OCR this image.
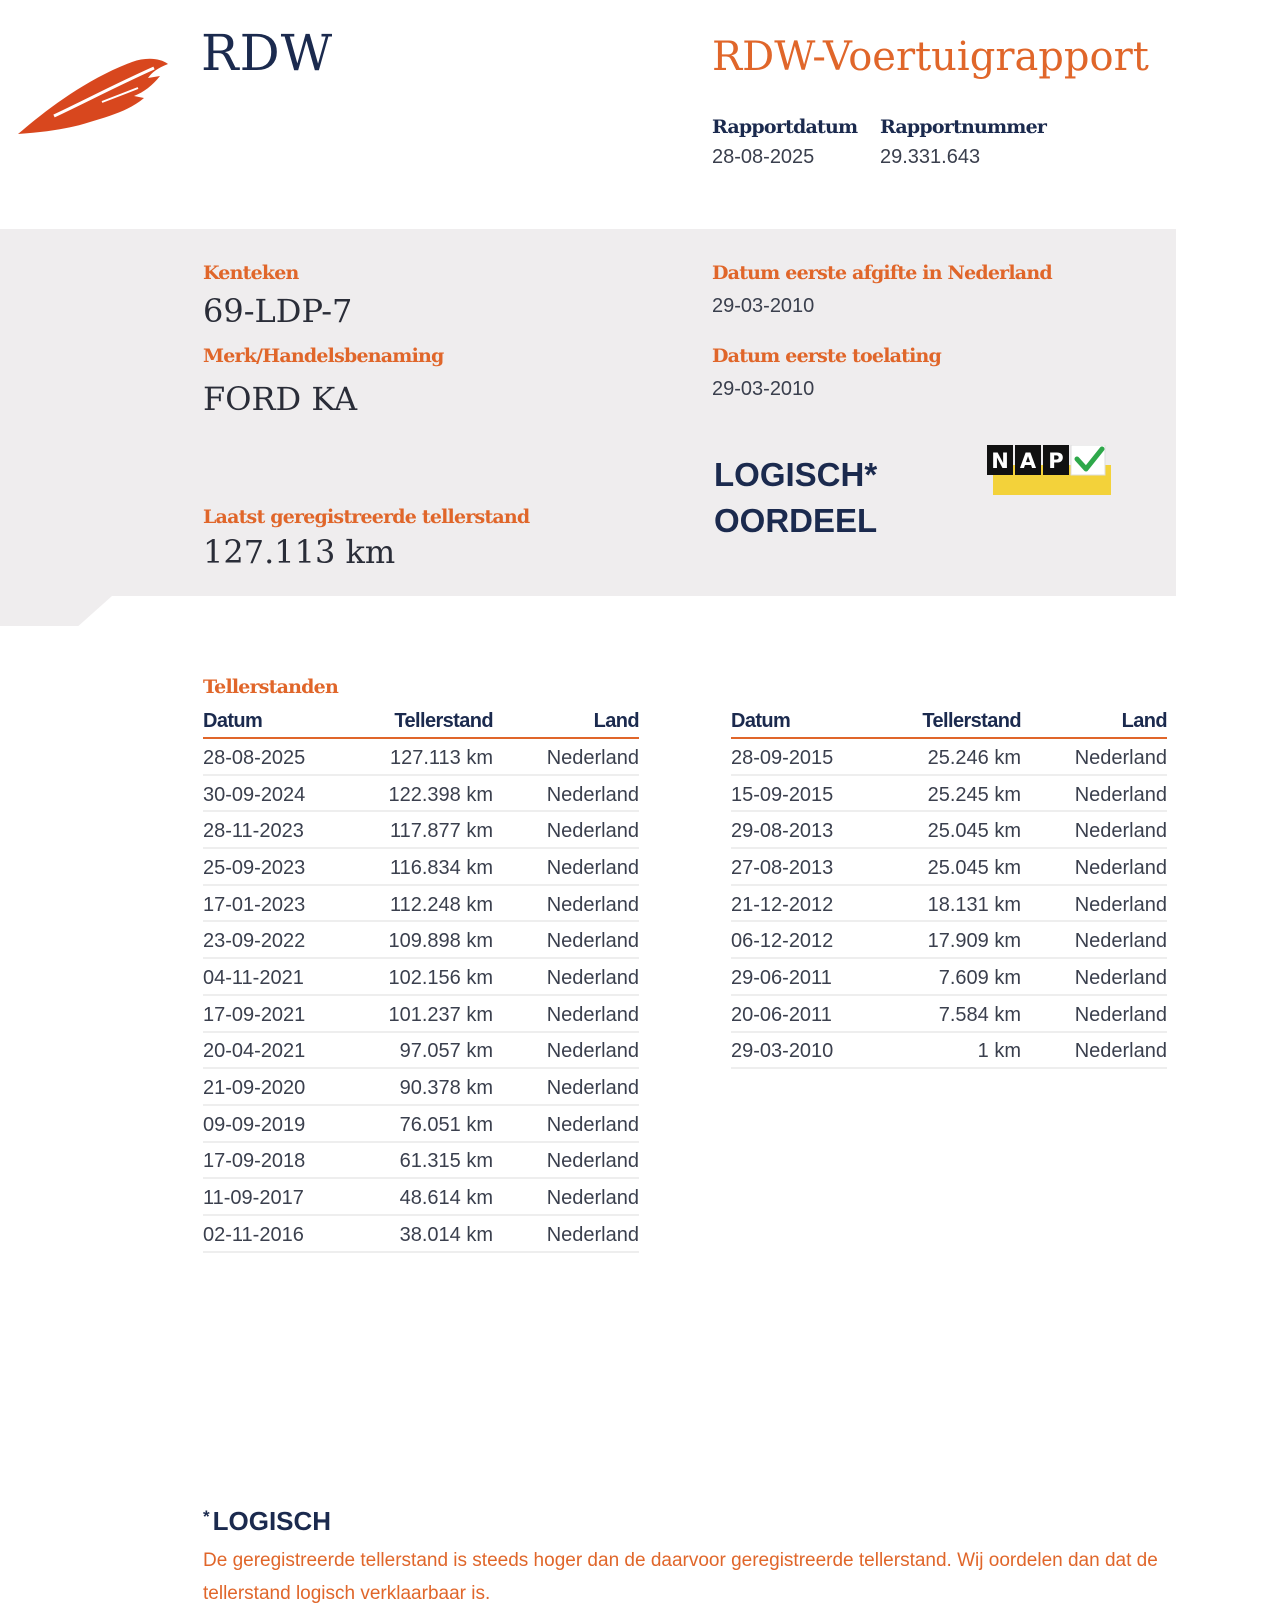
RDW	RDW-Voertuigrapport
Rapportdatum
28-08-2025
Rapportnummer
29.331.643
Kenteken
69-LDP-7
Merk/Handelsbenaming
FORD KA
Laatst geregistreerde tellerstand
127.113 km
Datum eerste afgifte in Nederland
29-03-2010
Datum eerste toelating
29-03-2010
LOGISCH*
OORDEEL
N A P
Tellerstanden
Datum	Tellerstand	Land
28-08-2025	127.113 km	Nederland
30-09-2024	122.398 km	Nederland
28-11-2023	117.877 km	Nederland
25-09-2023	116.834 km	Nederland
17-01-2023	112.248 km	Nederland
23-09-2022	109.898 km	Nederland
04-11-2021	102.156 km	Nederland
17-09-2021	101.237 km	Nederland
20-04-2021	97.057 km	Nederland
21-09-2020	90.378 km	Nederland
09-09-2019	76.051 km	Nederland
17-09-2018	61.315 km	Nederland
11-09-2017	48.614 km	Nederland
02-11-2016	38.014 km	Nederland
Datum	Tellerstand	Land
28-09-2015	25.246 km	Nederland
15-09-2015	25.245 km	Nederland
29-08-2013	25.045 km	Nederland
27-08-2013	25.045 km	Nederland
21-12-2012	18.131 km	Nederland
06-12-2012	17.909 km	Nederland
29-06-2011	7.609 km	Nederland
20-06-2011	7.584 km	Nederland
29-03-2010	1 km	Nederland
* LOGISCH
De geregistreerde tellerstand is steeds hoger dan de daarvoor geregistreerde tellerstand. Wij oordelen dan dat de tellerstand logisch verklaarbaar is.
